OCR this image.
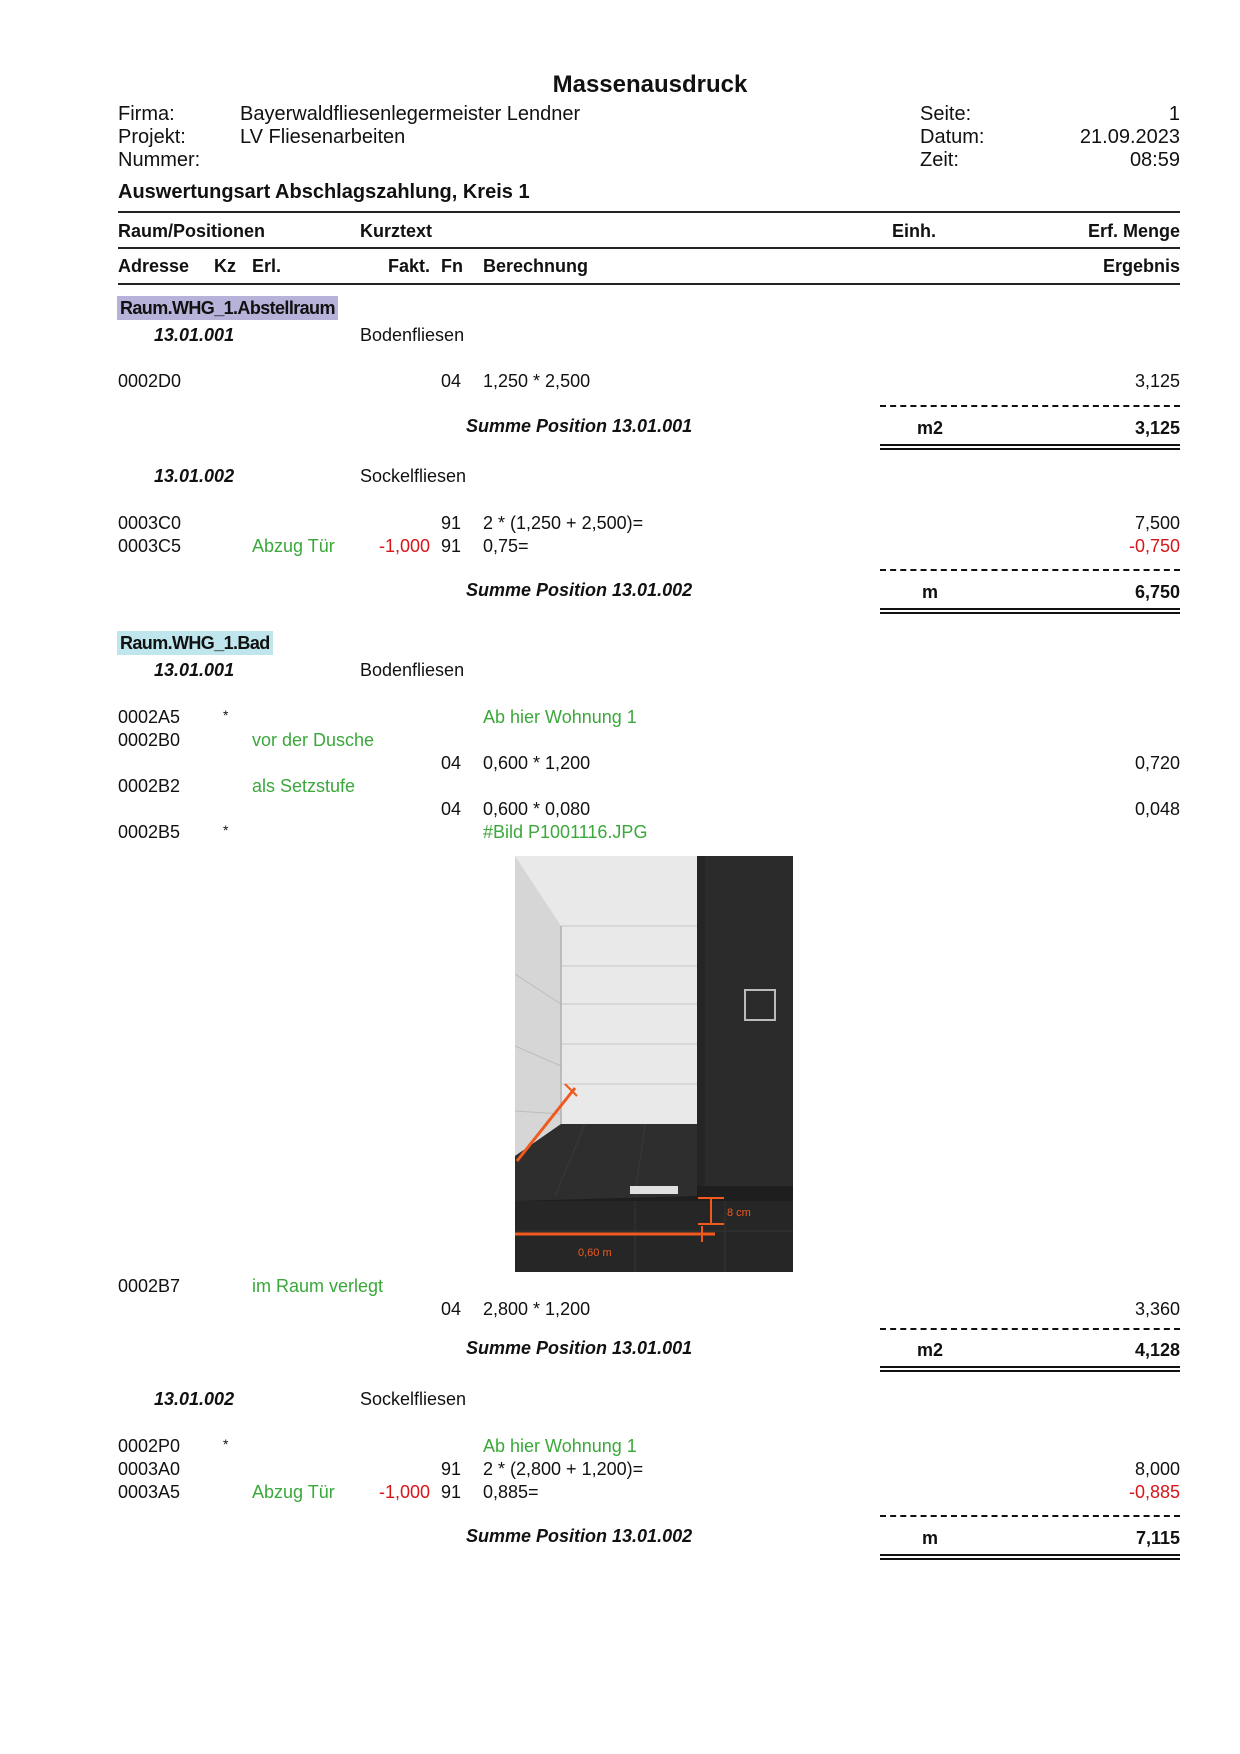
Massenausdruck
Firma:	Bayerwaldfliesenlegermeister Lendner
Projekt:	LV Fliesenarbeiten
Nummer:
Seite:	1
Datum:	21.09.2023
Zeit:	08:59
Auswertungsart Abschlagszahlung, Kreis 1
Raum/Positionen	Kurztext	Einh.	Erf. Menge
Adresse Kz Erl.	Fakt. Fn Berechnung	Ergebnis
Raum.WHG_1.Abstellraum
13.01.001	Bodenfliesen
0002D0	04 1,250 * 2,500	3,125
Summe Position 13.01.001	m2	3,125
13.01.002	Sockelfliesen
0003C0	91 2 * (1,250 + 2,500)=	7,500
0003C5	Abzug Tür	-1,000 91 0,75=	-0,750
Summe Position 13.01.002	m	6,750
Raum.WHG_1.Bad
13.01.001	Bodenfliesen
0002A5	*	Ab hier Wohnung 1
0002B0	vor der Dusche
04 0,600 * 1,200	0,720
0002B2	als Setzstufe
04 0,600 * 0,080	0,048
0002B5	*	#Bild P1001116.JPG
0,60 m
8 cm
0002B7	im Raum verlegt
04 2,800 * 1,200	3,360
Summe Position 13.01.001	m2	4,128
13.01.002	Sockelfliesen
0002P0	*	Ab hier Wohnung 1
0003A0	91 2 * (2,800 + 1,200)=	8,000
0003A5	Abzug Tür	-1,000 91 0,885=	-0,885
Summe Position 13.01.002	m	7,115
